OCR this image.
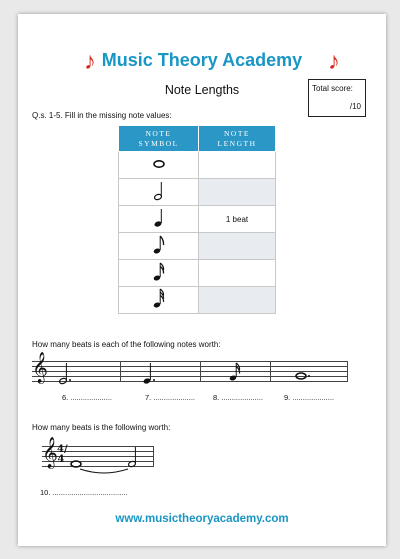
♪ Music Theory Academy	♪
Note Lengths	Total score:
/10
Q.s. 1-5. Fill in the missing note values:
NOTE SYMBOL	NOTE LENGTH

	1 beat

How many beats is each of the following notes worth:
𝄞
6. ....................	7. .................... 8. ....................	9. ....................
How many beats is the following worth:
𝄞 4/4
10. ....................................
www.musictheoryacademy.com
